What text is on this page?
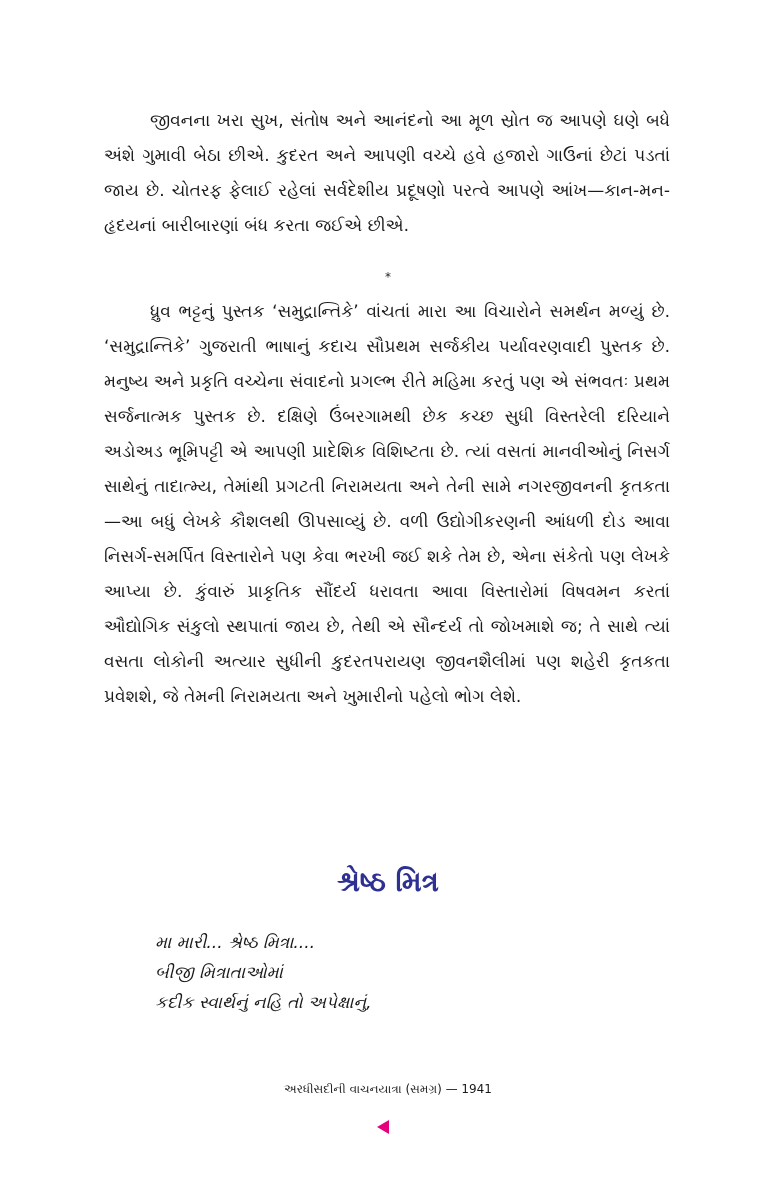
જીવનના ખરા સુખ, સંતોષ અને આનંદનો આ મૂળ સ્રોત જ આપણે ઘણે બધે અંશે ગુમાવી બેઠા છીએ. કુદરત અને આપણી વચ્ચે હવે હજારો ગાઉનાં છેટાં પડતાં જાય છે. ચોતરફ ફેલાઈ રહેલાં સર્વદેશીય પ્રદૂષણો પરત્વે આપણે આંખ—કાન-મન-હૃદયનાં બારીબારણાં બંધ કરતા જઈએ છીએ.

*

ધ્રુવ ભટ્ટનું પુસ્તક ‘સમુદ્રાન્તિકે’ વાંચતાં મારા આ વિચારોને સમર્થન મળ્યું છે. ‘સમુદ્રાન્તિકે’ ગુજરાતી ભાષાનું કદાચ સૌપ્રથમ સર્જકીય પર્યાવરણવાદી પુસ્તક છે. મનુષ્ય અને પ્રકૃતિ વચ્ચેના સંવાદનો પ્રગલ્ભ રીતે મહિમા કરતું પણ એ સંભવતઃ પ્રથમ સર્જનાત્મક પુસ્તક છે. દક્ષિણે ઉંબરગામથી છેક કચ્છ સુધી વિસ્તરેલી દરિયાને અડોઅડ ભૂમિપટ્ટી એ આપણી પ્રાદેશિક વિશિષ્ટતા છે. ત્યાં વસતાં માનવીઓનું નિસર્ગ સાથેનું તાદાત્મ્ય, તેમાંથી પ્રગટતી નિરામયતા અને તેની સામે નગરજીવનની કૃતકતા—આ બધું લેખકે કૌશલથી ઊપસાવ્યું છે. વળી ઉદ્યોગીકરણની આંધળી દોડ આવા નિસર્ગ-સમર્પિત વિસ્તારોને પણ કેવા ભરખી જઈ શકે તેમ છે, એના સંકેતો પણ લેખકે આપ્યા છે. કુંવારું પ્રાકૃતિક સૌંદર્ય ધરાવતા આવા વિસ્તારોમાં વિષવમન કરતાં ઔદ્યોગિક સંકુલો સ્થપાતાં જાય છે, તેથી એ સૌન્દર્ય તો જોખમાશે જ; તે સાથે ત્યાં વસતા લોકોની અત્યાર સુધીની કુદરતપરાયણ જીવનશૈલીમાં પણ શહેરી કૃતકતા પ્રવેશશે, જે તેમની નિરામયતા અને ખુમારીનો પહેલો ભોગ લેશે.

શ્રેષ્ઠ મિત્ર
મા મારી... શ્રેષ્ઠ મિત્રા....
બીજી મિત્રાતાઓમાં
કદીક સ્વાર્થનું નહિ તો અપેક્ષાનું,
અરધીસદીની વાચનયાત્રા (સમગ્ર) — 1941
